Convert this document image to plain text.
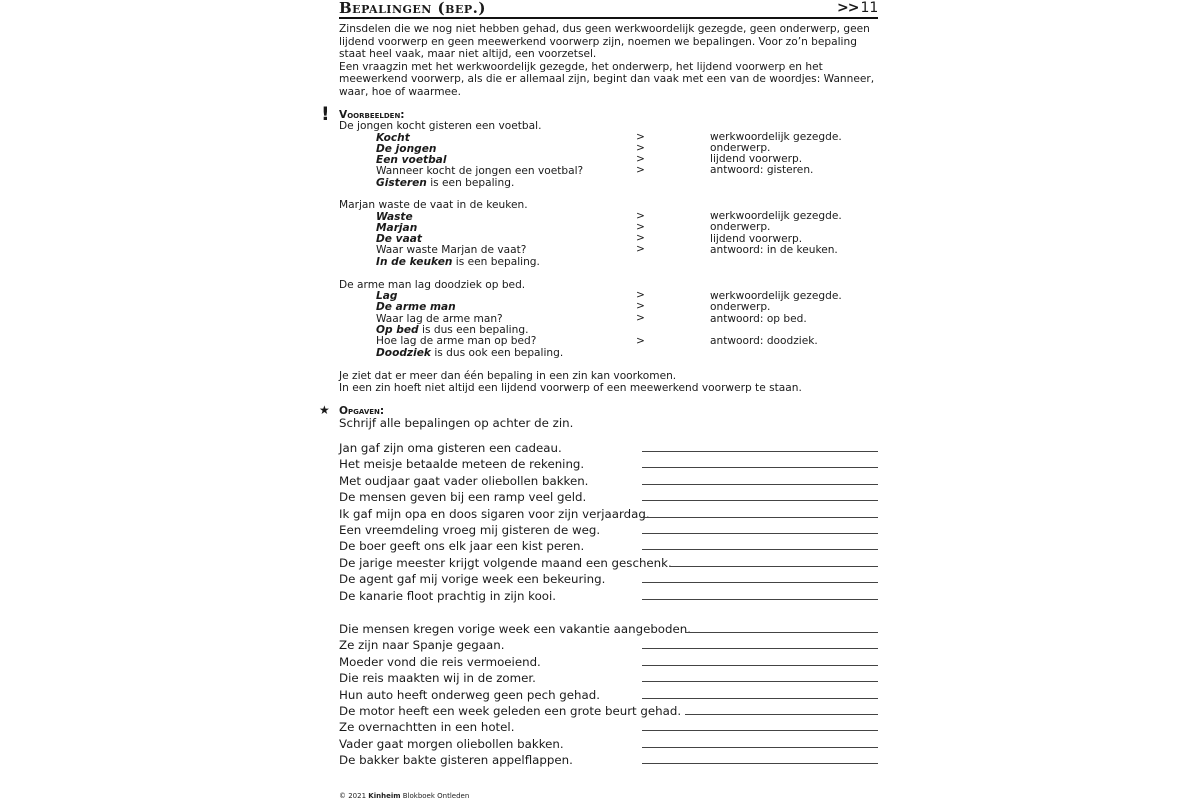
Bepalingen (bep.)	>> 11

Zinsdelen die we nog niet hebben gehad, dus geen werkwoordelijk gezegde, geen onderwerp, geen lijdend voorwerp en geen meewerkend voorwerp zijn, noemen we bepalingen. Voor zo’n bepaling staat heel vaak, maar niet altijd, een voorzetsel.

Een vraagzin met het werkwoordelijk gezegde, het onderwerp, het lijdend voorwerp en het meewerkend voorwerp, als die er allemaal zijn, begint dan vaak met een van de woordjes: Wanneer, waar, hoe of waarmee.

! Voorbeelden:
De jongen kocht gisteren een voetbal.
Kocht	>	werkwoordelijk gezegde.
De jongen	>	onderwerp.
Een voetbal	>	lijdend voorwerp.
Wanneer kocht de jongen een voetbal?	>	antwoord: gisteren.
Gisteren is een bepaling.
Marjan waste de vaat in de keuken.
Waste	>	werkwoordelijk gezegde.
Marjan	>	onderwerp.
De vaat	>	lijdend voorwerp.
Waar waste Marjan de vaat?	>	antwoord: in de keuken.
In de keuken is een bepaling.
De arme man lag doodziek op bed.
Lag	>	werkwoordelijk gezegde.
De arme man	>	onderwerp.
Waar lag de arme man?	>	antwoord: op bed.
Op bed is dus een bepaling.
Hoe lag de arme man op bed?	>	antwoord: doodziek.
Doodziek is dus ook een bepaling.
Je ziet dat er meer dan één bepaling in een zin kan voorkomen.
In een zin hoeft niet altijd een lijdend voorwerp of een meewerkend voorwerp te staan.
★ Opgaven:
Schrijf alle bepalingen op achter de zin.
Jan gaf zijn oma gisteren een cadeau.
Het meisje betaalde meteen de rekening.
Met oudjaar gaat vader oliebollen bakken.
De mensen geven bij een ramp veel geld.
Ik gaf mijn opa en doos sigaren voor zijn verjaardag.
Een vreemdeling vroeg mij gisteren de weg.
De boer geeft ons elk jaar een kist peren.
De jarige meester krijgt volgende maand een geschenk.
De agent gaf mij vorige week een bekeuring.
De kanarie floot prachtig in zijn kooi.
Die mensen kregen vorige week een vakantie aangeboden.
Ze zijn naar Spanje gegaan.
Moeder vond die reis vermoeiend.
Die reis maakten wij in de zomer.
Hun auto heeft onderweg geen pech gehad.
De motor heeft een week geleden een grote beurt gehad.
Ze overnachtten in een hotel.
Vader gaat morgen oliebollen bakken.
De bakker bakte gisteren appelflappen.
© 2021 Kinheim Blokboek Ontleden
